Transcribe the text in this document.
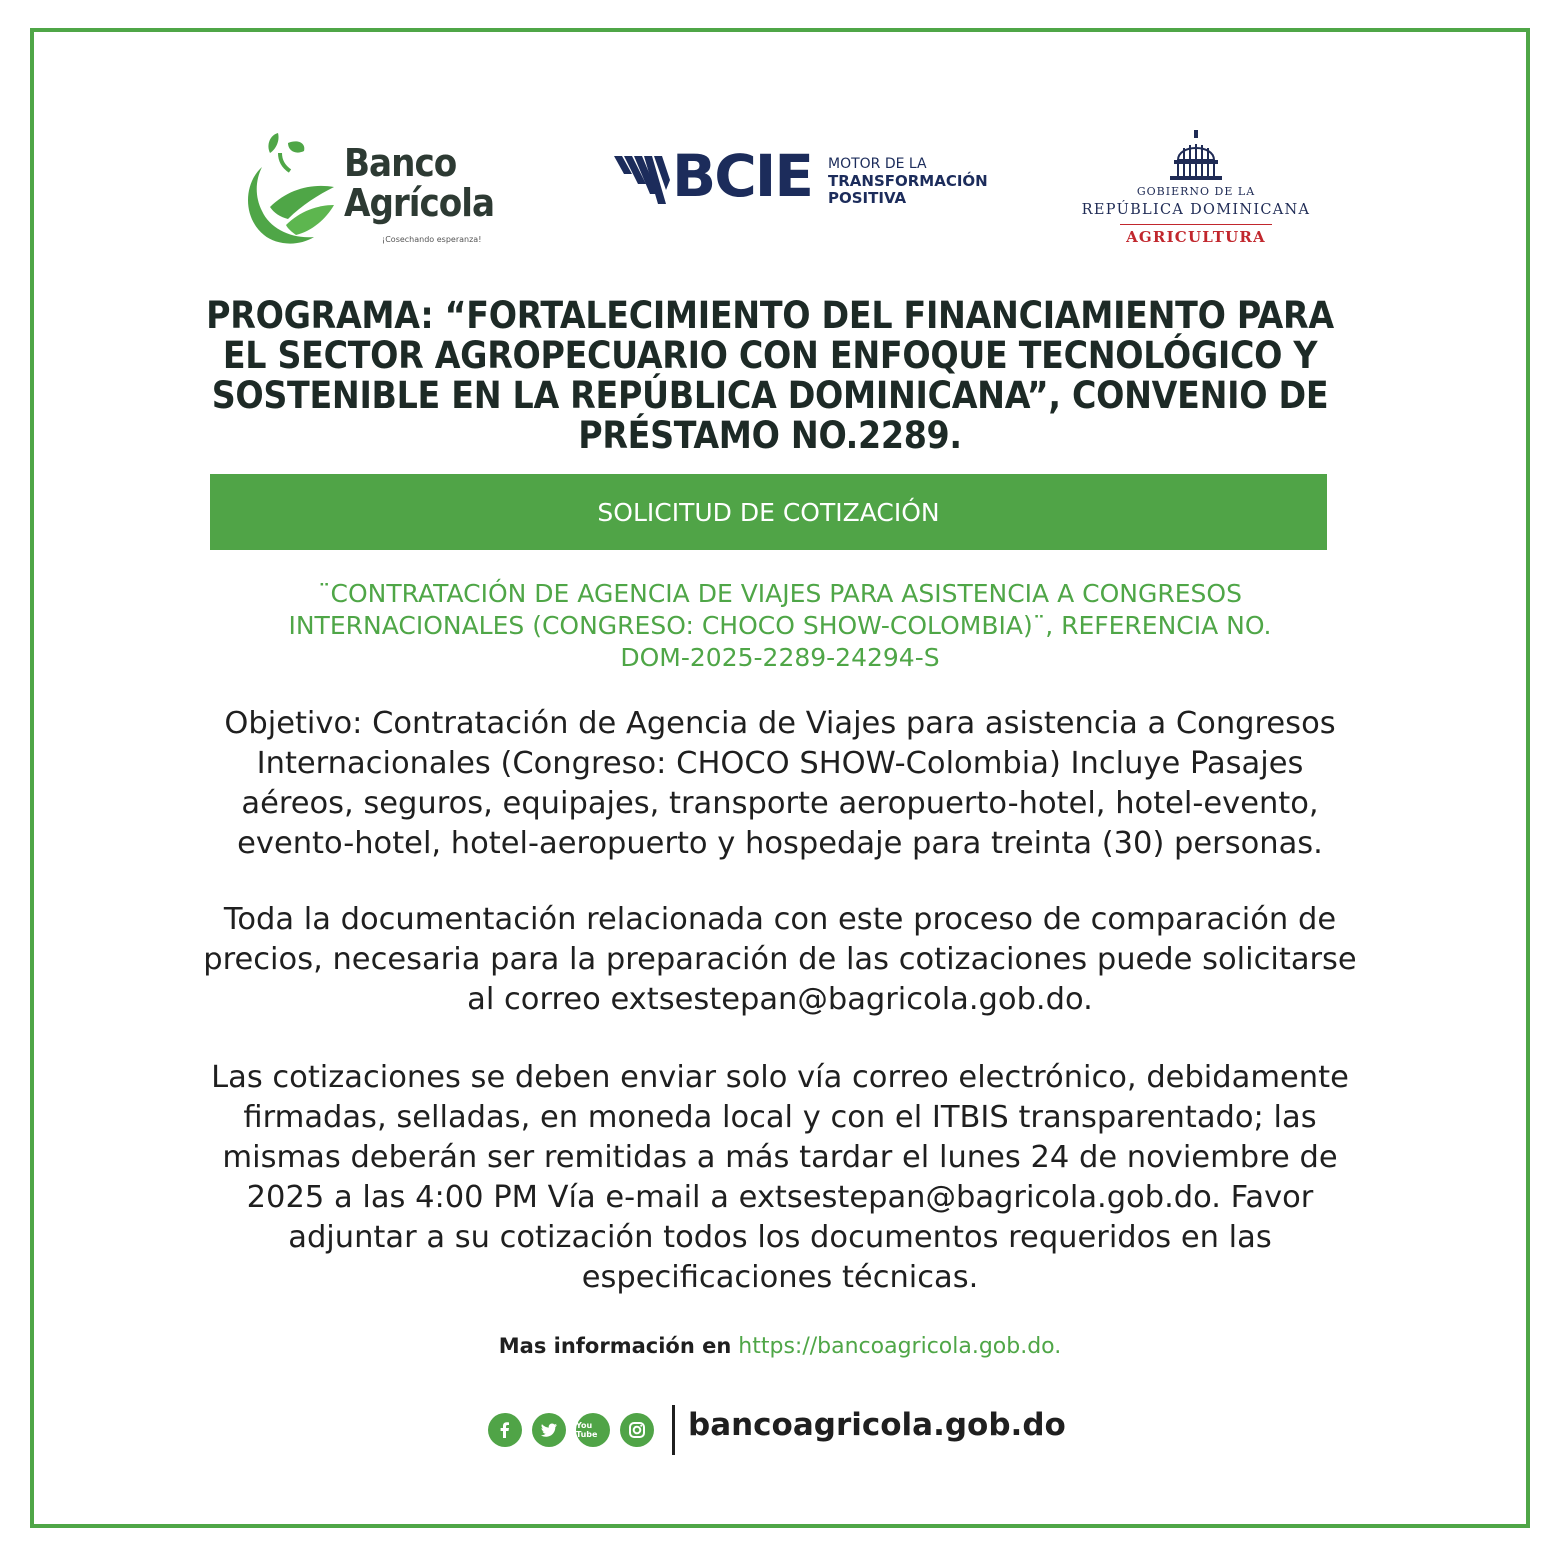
Banco
Agrícola
¡Cosechando esperanza!
BCIE MOTOR DE LA
TRANSFORMACIÓN
POSITIVA	GOBIERNO DE LA
REPÚBLICA DOMINICANA
AGRICULTURA
PROGRAMA: “FORTALECIMIENTO DEL FINANCIAMIENTO PARA
EL SECTOR AGROPECUARIO CON ENFOQUE TECNOLÓGICO Y
SOSTENIBLE EN LA REPÚBLICA DOMINICANA”, CONVENIO DE
PRÉSTAMO NO.2289.
SOLICITUD DE COTIZACIÓN
¨CONTRATACIÓN DE AGENCIA DE VIAJES PARA ASISTENCIA A CONGRESOS
INTERNACIONALES (CONGRESO: CHOCO SHOW-COLOMBIA)¨, REFERENCIA NO.
DOM-2025-2289-24294-S
Objetivo: Contratación de Agencia de Viajes para asistencia a Congresos
Internacionales (Congreso: CHOCO SHOW-Colombia) Incluye Pasajes
aéreos, seguros, equipajes, transporte aeropuerto-hotel, hotel-evento,
evento-hotel, hotel-aeropuerto y hospedaje para treinta (30) personas.
Toda la documentación relacionada con este proceso de comparación de
precios, necesaria para la preparación de las cotizaciones puede solicitarse
al correo extsestepan@bagricola.gob.do.
Las cotizaciones se deben enviar solo vía correo electrónico, debidamente
firmadas, selladas, en moneda local y con el ITBIS transparentado; las
mismas deberán ser remitidas a más tardar el lunes 24 de noviembre de
2025 a las 4:00 PM Vía e-mail a extsestepan@bagricola.gob.do. Favor
adjuntar a su cotización todos los documentos requeridos en las
especificaciones técnicas.
Mas información en https://bancoagricola.gob.do.
You Tube	bancoagricola.gob.do
